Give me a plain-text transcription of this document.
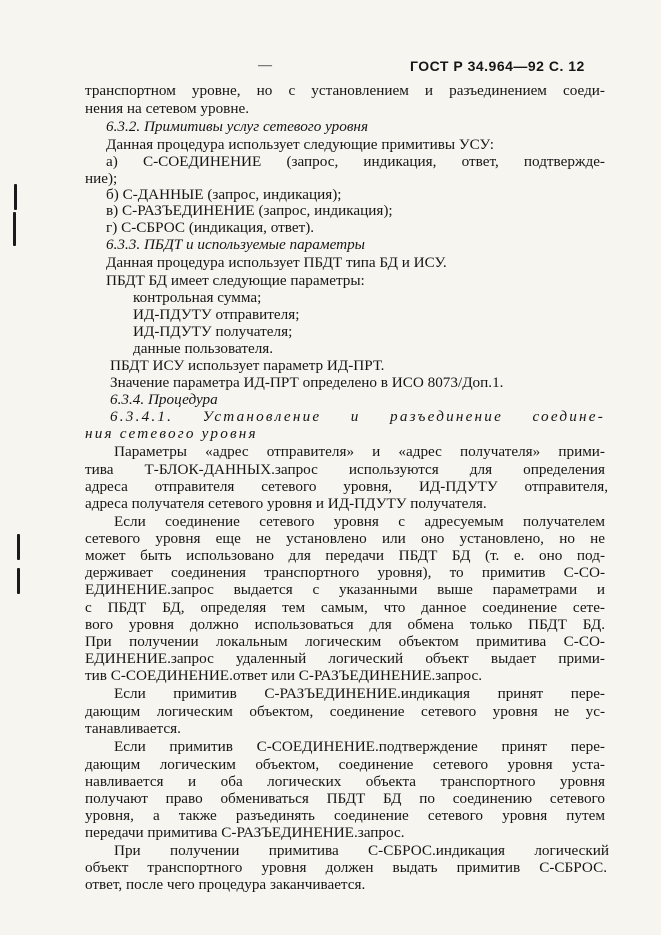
—	ГОСТ Р 34.964—92 С. 12
транспортном уровне, но с установлением и разъединением соеди-
нения на сетевом уровне.
6.3.2. Примитивы услуг сетевого уровня
Данная процедура использует следующие примитивы УСУ:
а) С-СОЕДИНЕНИЕ (запрос, индикация, ответ, подтвержде-
ние);
б) С-ДАННЫЕ (запрос, индикация);
в) С-РАЗЪЕДИНЕНИЕ (запрос, индикация);
г) С-СБРОС (индикация, ответ).
6.3.3. ПБДТ и используемые параметры
Данная процедура использует ПБДТ типа БД и ИСУ.
ПБДТ БД имеет следующие параметры:
контрольная сумма;
ИД-ПДУТУ отправителя;
ИД-ПДУТУ получателя;
данные пользователя.
ПБДТ ИСУ использует параметр ИД-ПРТ.
Значение параметра ИД-ПРТ определено в ИСО 8073/Доп.1.
6.3.4. Процедура
6.3.4.1. Установление и разъединение соедине-
ния сетевого уровня
Параметры «адрес отправителя» и «адрес получателя» прими-
тива Т-БЛОК-ДАННЫХ.запрос используются для определения
адреса отправителя сетевого уровня, ИД-ПДУТУ отправителя,
адреса получателя сетевого уровня и ИД-ПДУТУ получателя.
Если соединение сетевого уровня с адресуемым получателем
сетевого уровня еще не установлено или оно установлено, но не
может быть использовано для передачи ПБДТ БД (т. е. оно под-
держивает соединения транспортного уровня), то примитив С-СО-
ЕДИНЕНИЕ.запрос выдается с указанными выше параметрами и
с ПБДТ БД, определяя тем самым, что данное соединение сете-
вого уровня должно использоваться для обмена только ПБДТ БД.
При получении локальным логическим объектом примитива С-СО-
ЕДИНЕНИЕ.запрос удаленный логический объект выдает прими-
тив С-СОЕДИНЕНИЕ.ответ или С-РАЗЪЕДИНЕНИЕ.запрос.
Если примитив С-РАЗЪЕДИНЕНИЕ.индикация принят пере-
дающим логическим объектом, соединение сетевого уровня не ус-
танавливается.
Если примитив С-СОЕДИНЕНИЕ.подтверждение принят пере-
дающим логическим объектом, соединение сетевого уровня уста-
навливается и оба логических объекта транспортного уровня
получают право обмениваться ПБДТ БД по соединению сетевого
уровня, а также разъединять соединение сетевого уровня путем
передачи примитива С-РАЗЪЕДИНЕНИЕ.запрос.
При получении примитива С-СБРОС.индикация логический
объект транспортного уровня должен выдать примитив С-СБРОС.
ответ, после чего процедура заканчивается.
